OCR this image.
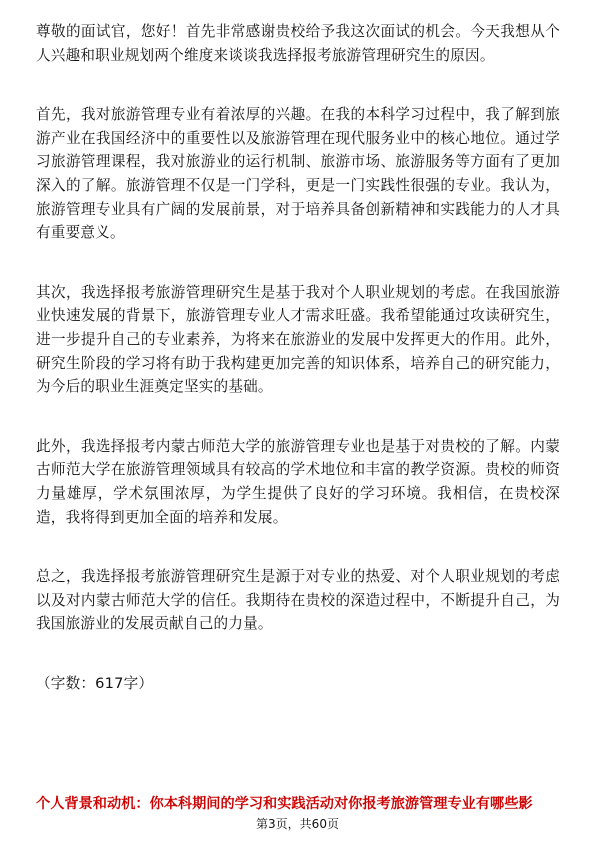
尊敬的面试官，您好！首先非常感谢贵校给予我这次面试的机会。今天我想从个人兴趣和职业规划两个维度来谈谈我选择报考旅游管理研究生的原因。

首先，我对旅游管理专业有着浓厚的兴趣。在我的本科学习过程中，我了解到旅游产业在我国经济中的重要性以及旅游管理在现代服务业中的核心地位。通过学习旅游管理课程，我对旅游业的运行机制、旅游市场、旅游服务等方面有了更加深入的了解。旅游管理不仅是一门学科，更是一门实践性很强的专业。我认为，旅游管理专业具有广阔的发展前景，对于培养具备创新精神和实践能力的人才具有重要意义。

其次，我选择报考旅游管理研究生是基于我对个人职业规划的考虑。在我国旅游业快速发展的背景下，旅游管理专业人才需求旺盛。我希望能通过攻读研究生，进一步提升自己的专业素养，为将来在旅游业的发展中发挥更大的作用。此外，研究生阶段的学习将有助于我构建更加完善的知识体系，培养自己的研究能力，为今后的职业生涯奠定坚实的基础。

此外，我选择报考内蒙古师范大学的旅游管理专业也是基于对贵校的了解。内蒙古师范大学在旅游管理领域具有较高的学术地位和丰富的教学资源。贵校的师资力量雄厚，学术氛围浓厚，为学生提供了良好的学习环境。我相信，在贵校深造，我将得到更加全面的培养和发展。

总之，我选择报考旅游管理研究生是源于对专业的热爱、对个人职业规划的考虑以及对内蒙古师范大学的信任。我期待在贵校的深造过程中，不断提升自己，为我国旅游业的发展贡献自己的力量。

（字数：617字）

个人背景和动机：你本科期间的学习和实践活动对你报考旅游管理专业有哪些影

第3页，共60页
